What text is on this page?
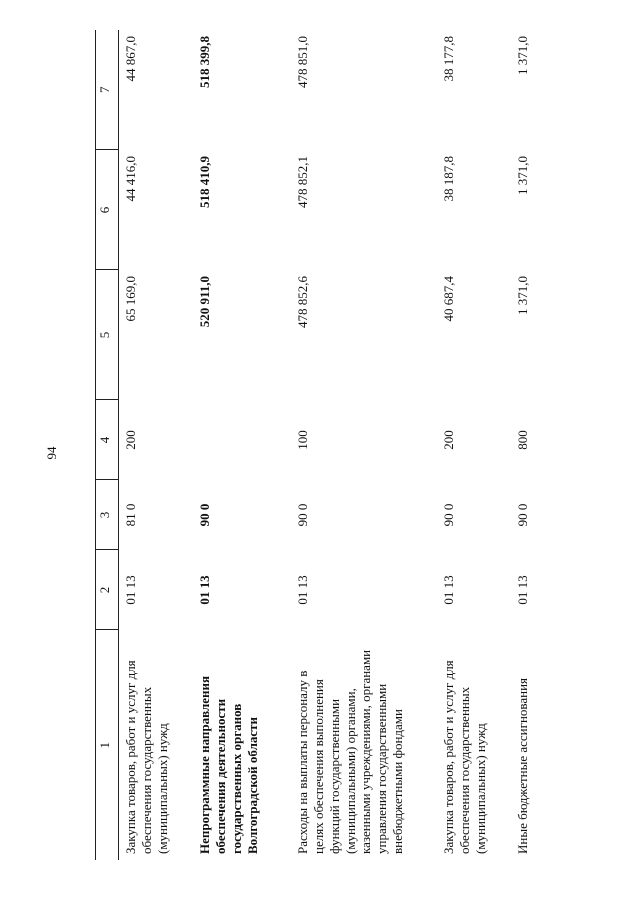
94
1	2	3	4	5	6	7
Закупка товаров, работ и услуг для обеспечения государственных (муниципальных) нужд	01 13	81 0	200	65 169,0	44 416,0	44 867,0
Непрограммные направления обеспечения деятельности государственных органов Волгоградской области	01 13	90 0		520 911,0	518 410,9	518 399,8
Расходы на выплаты персоналу в целях обеспечения выполнения функций государственными (муниципальными) органами, казенными учреждениями, органами управления государственными внебюджетными фондами	01 13	90 0	100	478 852,6	478 852,1	478 851,0
Закупка товаров, работ и услуг для обеспечения государственных (муниципальных) нужд	01 13	90 0	200	40 687,4	38 187,8	38 177,8
Иные бюджетные ассигнования	01 13	90 0	800	1 371,0	1 371,0	1 371,0
